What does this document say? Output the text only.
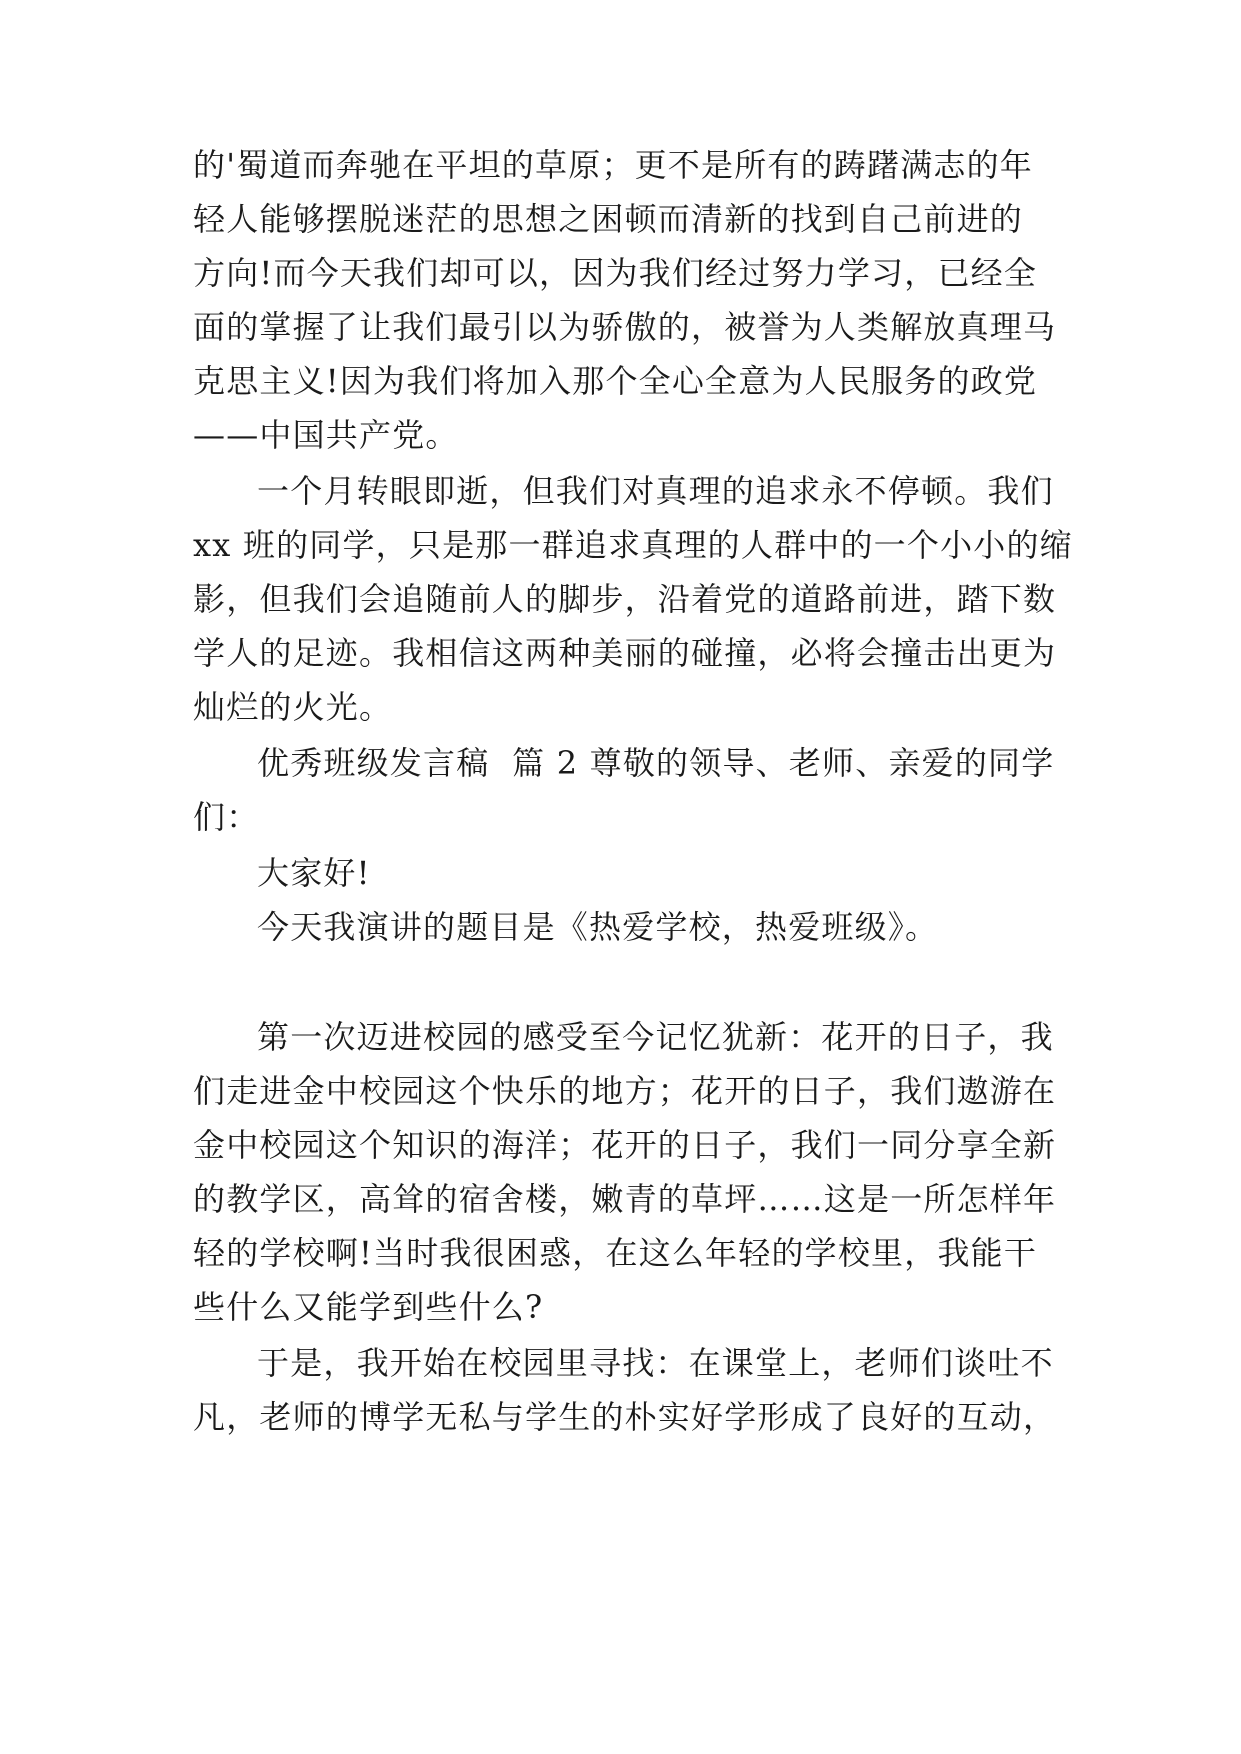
的'蜀道而奔驰在平坦的草原；更不是所有的踌躇满志的年
轻人能够摆脱迷茫的思想之困顿而清新的找到自己前进的
方向!而今天我们却可以，因为我们经过努力学习，已经全
面的掌握了让我们最引以为骄傲的，被誉为人类解放真理马
克思主义!因为我们将加入那个全心全意为人民服务的政党
——中国共产党。
一个月转眼即逝，但我们对真理的追求永不停顿。我们
xx 班的同学，只是那一群追求真理的人群中的一个小小的缩
影，但我们会追随前人的脚步，沿着党的道路前进，踏下数
学人的足迹。我相信这两种美丽的碰撞，必将会撞击出更为
灿烂的火光。
优秀班级发言稿  篇 2 尊敬的领导、老师、亲爱的同学
们：
大家好!
今天我演讲的题目是《热爱学校，热爱班级》。
第一次迈进校园的感受至今记忆犹新：花开的日子，我
们走进金中校园这个快乐的地方；花开的日子，我们遨游在
金中校园这个知识的海洋；花开的日子，我们一同分享全新
的教学区，高耸的宿舍楼，嫩青的草坪……这是一所怎样年
轻的学校啊!当时我很困惑，在这么年轻的学校里，我能干
些什么又能学到些什么?
于是，我开始在校园里寻找：在课堂上，老师们谈吐不
凡，老师的博学无私与学生的朴实好学形成了良好的互动，
